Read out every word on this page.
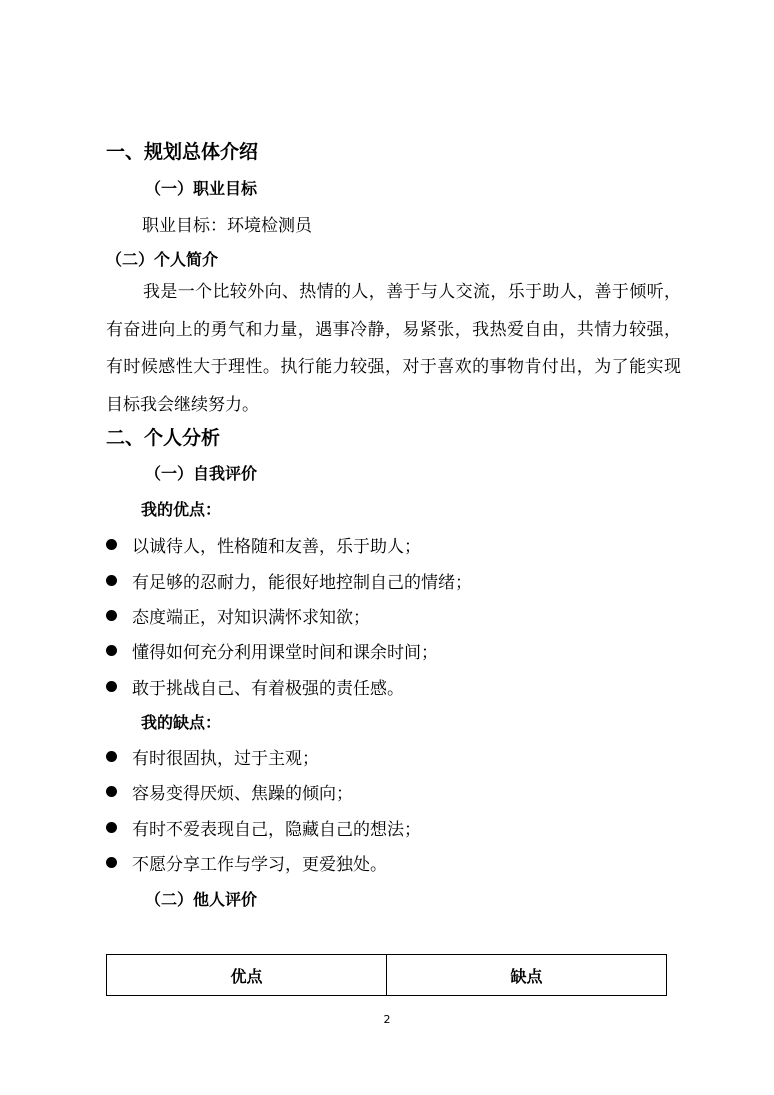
一、规划总体介绍
（一）职业目标

职业目标：环境检测员

（二）个人简介

我是一个比较外向、热情的人，善于与人交流，乐于助人，善于倾听，有奋进向上的勇气和力量，遇事冷静，易紧张，我热爱自由，共情力较强，有时候感性大于理性。执行能力较强，对于喜欢的事物肯付出，为了能实现目标我会继续努力。

二、个人分析
（一）自我评价
我的优点：
以诚待人，性格随和友善，乐于助人；
有足够的忍耐力，能很好地控制自己的情绪；
态度端正，对知识满怀求知欲；
懂得如何充分利用课堂时间和课余时间；
敢于挑战自己、有着极强的责任感。
我的缺点：
有时很固执，过于主观；
容易变得厌烦、焦躁的倾向；
有时不爱表现自己，隐藏自己的想法；
不愿分享工作与学习，更爱独处。
（二）他人评价
优点	缺点
2
